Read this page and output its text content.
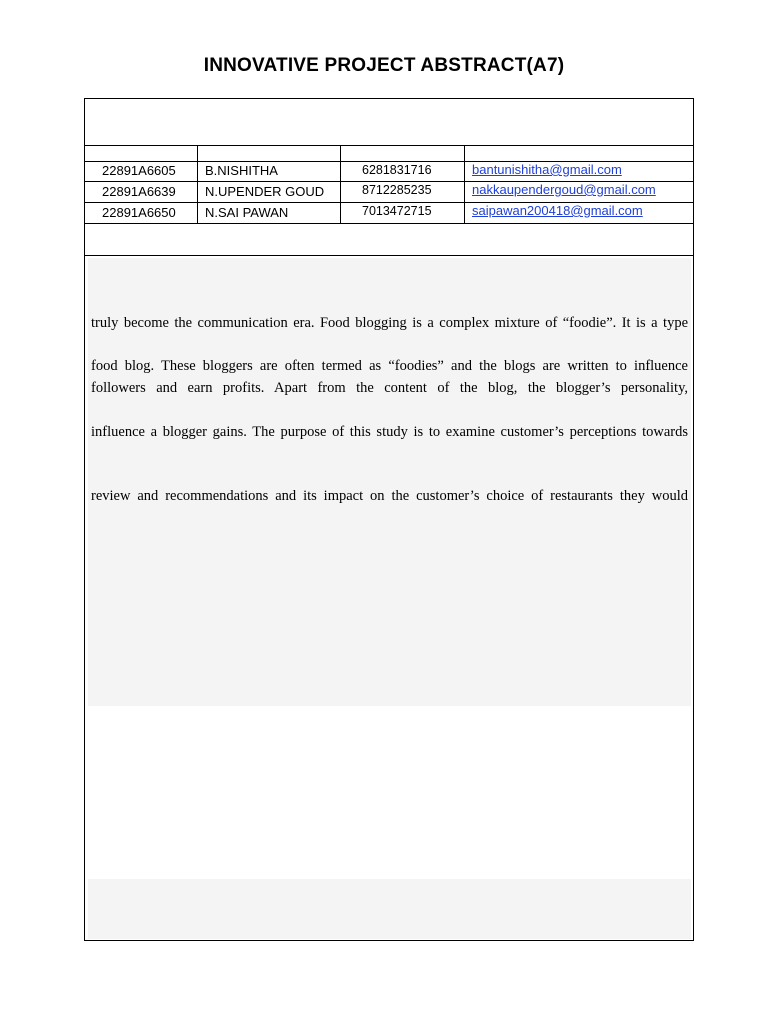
INNOVATIVE PROJECT ABSTRACT(A7)
22891A6605 B.NISHITHA	6281831716	bantunishitha@gmail.com
22891A6639 N.UPENDER GOUD	8712285235	nakkaupendergoud@gmail.com
22891A6650 N.SAI PAWAN	7013472715	saipawan200418@gmail.com
truly become the communication era. Food blogging is a complex mixture of “foodie”. It is a type
food blog. These bloggers are often termed as “foodies” and the blogs are written to influence
followers and earn profits. Apart from the content of the blog, the blogger’s personality,
influence a blogger gains. The purpose of this study is to examine customer’s perceptions towards
review and recommendations and its impact on the customer’s choice of restaurants they would
